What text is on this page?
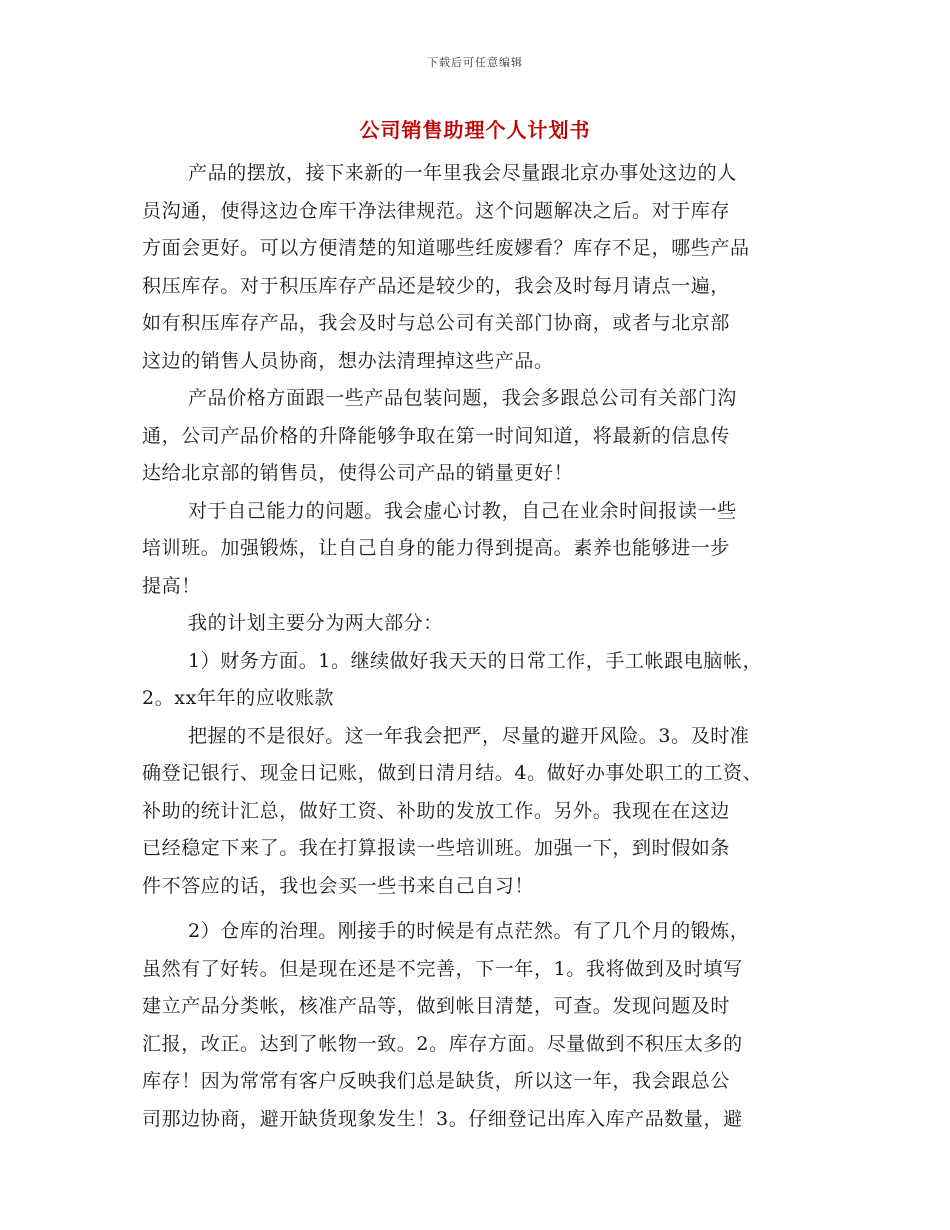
下载后可任意编辑
公司销售助理个人计划书
产品的摆放，接下来新的一年里我会尽量跟北京办事处这边的人
员沟通，使得这边仓库干净法律规范。这个问题解决之后。对于库存
方面会更好。可以方便清楚的知道哪些纴废嫪看？库存不足，哪些产品
积压库存。对于积压库存产品还是较少的，我会及时每月请点一遍，
如有积压库存产品，我会及时与总公司有关部门协商，或者与北京部
这边的销售人员协商，想办法清理掉这些产品。
产品价格方面跟一些产品包装问题，我会多跟总公司有关部门沟
通，公司产品价格的升降能够争取在第一时间知道，将最新的信息传
达给北京部的销售员，使得公司产品的销量更好！
对于自己能力的问题。我会虚心讨教，自己在业余时间报读一些
培训班。加强锻炼，让自己自身的能力得到提高。素养也能够进一步
提高！
我的计划主要分为两大部分：
1）财务方面。1。继续做好我天天的日常工作，手工帐跟电脑帐，
2。xx年年的应收账款
把握的不是很好。这一年我会把严，尽量的避开风险。3。及时准
确登记银行、现金日记账，做到日清月结。4。做好办事处职工的工资、
补助的统计汇总，做好工资、补助的发放工作。另外。我现在在这边
已经稳定下来了。我在打算报读一些培训班。加强一下，到时假如条
件不答应的话，我也会买一些书来自己自习！
2）仓库的治理。刚接手的时候是有点茫然。有了几个月的锻炼，
虽然有了好转。但是现在还是不完善，下一年，1。我将做到及时填写
建立产品分类帐，核准产品等，做到帐目清楚，可查。发现问题及时
汇报，改正。达到了帐物一致。2。库存方面。尽量做到不积压太多的
库存！因为常常有客户反映我们总是缺货，所以这一年，我会跟总公
司那边协商，避开缺货现象发生！3。仔细登记出库入库产品数量，避
